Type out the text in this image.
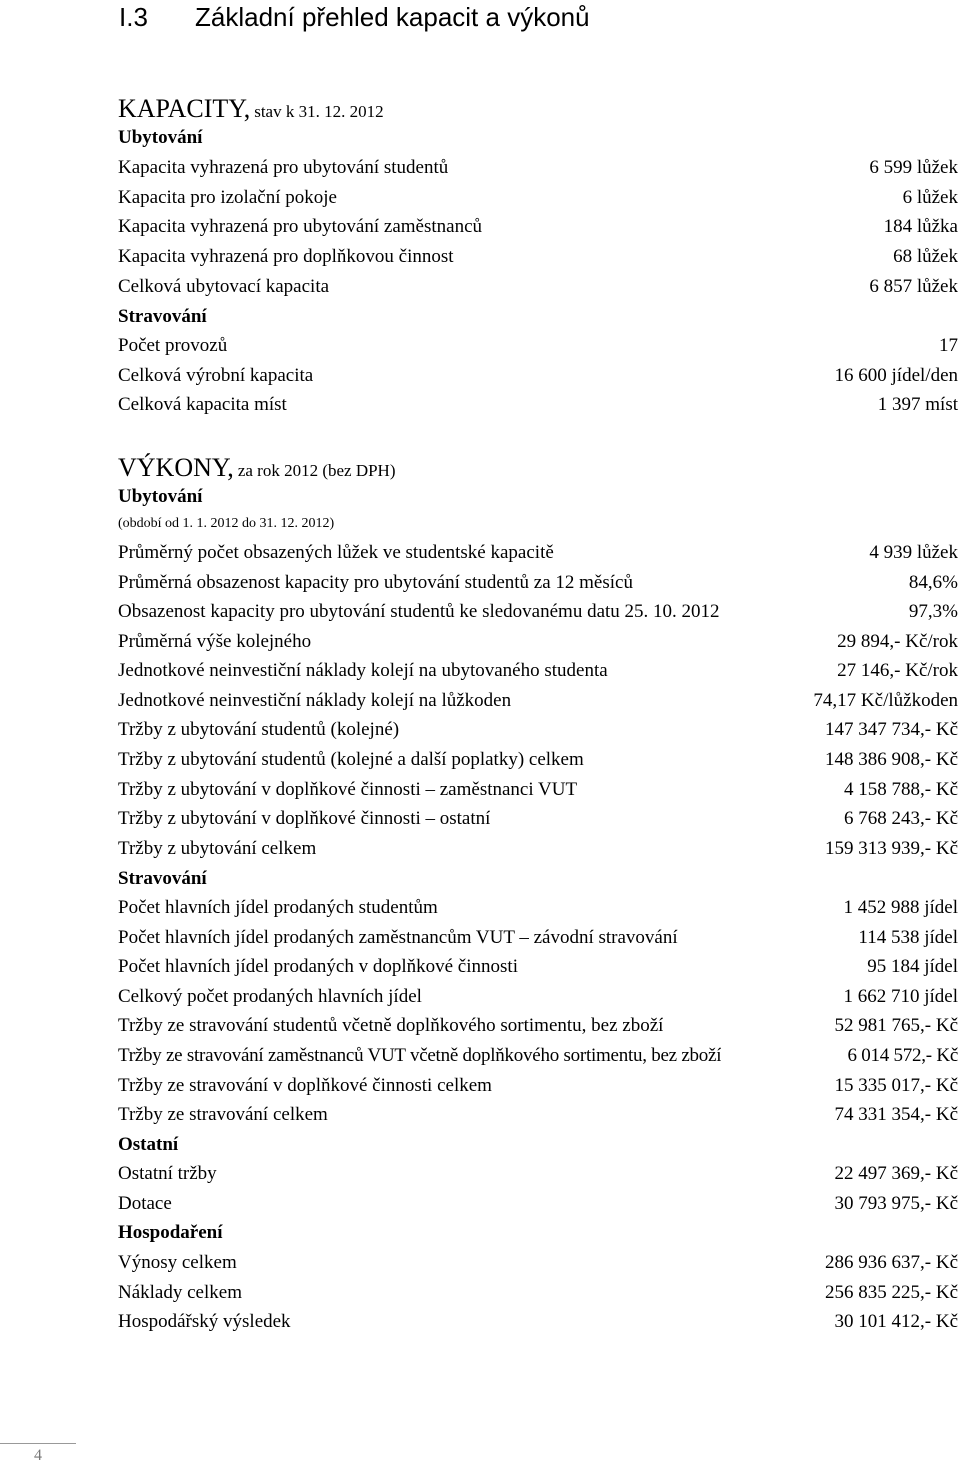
I.3 Základní přehled kapacit a výkonů
KAPACITY, stav k 31. 12. 2012
Ubytování
Kapacita vyhrazená pro ubytování studentů	6 599 lůžek
Kapacita pro izolační pokoje	6 lůžek
Kapacita vyhrazená pro ubytování zaměstnanců	184 lůžka
Kapacita vyhrazená pro doplňkovou činnost	68 lůžek
Celková ubytovací kapacita	6 857 lůžek
Stravování
Počet provozů	17
Celková výrobní kapacita	16 600 jídel/den
Celková kapacita míst	1 397 míst
VÝKONY, za rok 2012 (bez DPH)
Ubytování
(období od 1. 1. 2012 do 31. 12. 2012)
Průměrný počet obsazených lůžek ve studentské kapacitě	4 939 lůžek
Průměrná obsazenost kapacity pro ubytování studentů za 12 měsíců	84,6%
Obsazenost kapacity pro ubytování studentů ke sledovanému datu 25. 10. 2012	97,3%
Průměrná výše kolejného	29 894,- Kč/rok
Jednotkové neinvestiční náklady kolejí na ubytovaného studenta	27 146,- Kč/rok
Jednotkové neinvestiční náklady kolejí na lůžkoden	74,17 Kč/lůžkoden
Tržby z ubytování studentů (kolejné)	147 347 734,- Kč
Tržby z ubytování studentů (kolejné a další poplatky) celkem	148 386 908,- Kč
Tržby z ubytování v doplňkové činnosti – zaměstnanci VUT	4 158 788,- Kč
Tržby z ubytování v doplňkové činnosti – ostatní	6 768 243,- Kč
Tržby z ubytování celkem	159 313 939,- Kč
Stravování
Počet hlavních jídel prodaných studentům	1 452 988 jídel
Počet hlavních jídel prodaných zaměstnancům VUT – závodní stravování	114 538 jídel
Počet hlavních jídel prodaných v doplňkové činnosti	95 184 jídel
Celkový počet prodaných hlavních jídel	1 662 710 jídel
Tržby ze stravování studentů včetně doplňkového sortimentu, bez zboží	52 981 765,- Kč
Tržby ze stravování zaměstnanců VUT včetně doplňkového sortimentu, bez zboží	6 014 572,- Kč
Tržby ze stravování v doplňkové činnosti celkem	15 335 017,- Kč
Tržby ze stravování celkem	74 331 354,- Kč
Ostatní
Ostatní tržby	22 497 369,- Kč
Dotace	30 793 975,- Kč
Hospodaření
Výnosy celkem	286 936 637,- Kč
Náklady celkem	256 835 225,- Kč
Hospodářský výsledek	30 101 412,- Kč
4
